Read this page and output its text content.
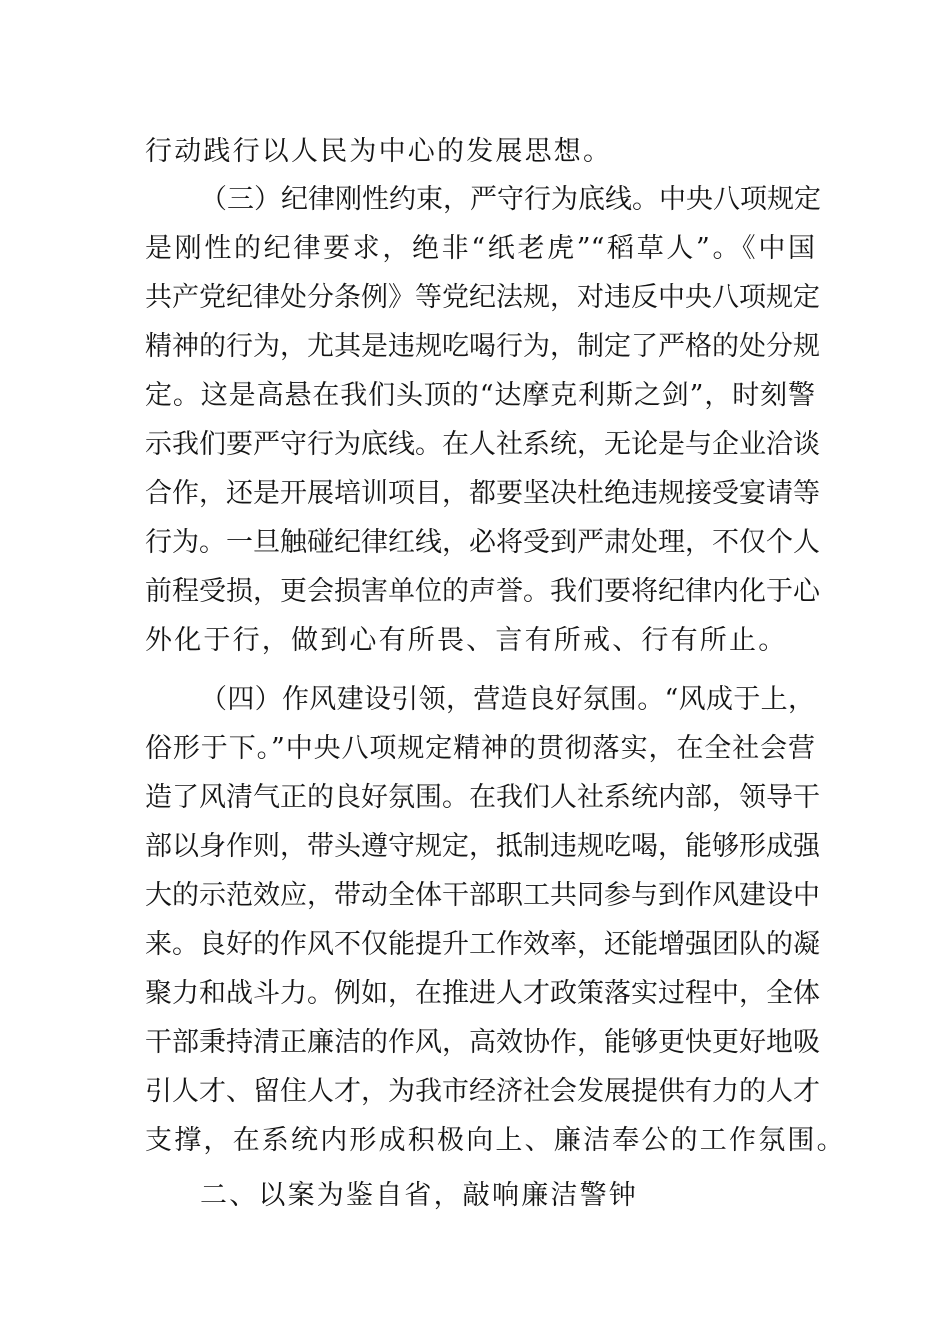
行动践行以人民为中心的发展思想。
（三）纪律刚性约束，严守行为底线。中央八项规定
是刚性的纪律要求，绝非“纸老虎”“稻草人”。《中国
共产党纪律处分条例》等党纪法规，对违反中央八项规定
精神的行为，尤其是违规吃喝行为，制定了严格的处分规
定。这是高悬在我们头顶的“达摩克利斯之剑”，时刻警
示我们要严守行为底线。在人社系统，无论是与企业洽谈
合作，还是开展培训项目，都要坚决杜绝违规接受宴请等
行为。一旦触碰纪律红线，必将受到严肃处理，不仅个人
前程受损，更会损害单位的声誉。我们要将纪律内化于心
外化于行，做到心有所畏、言有所戒、行有所止。
（四）作风建设引领，营造良好氛围。“风成于上，
俗形于下。”中央八项规定精神的贯彻落实，在全社会营
造了风清气正的良好氛围。在我们人社系统内部，领导干
部以身作则，带头遵守规定，抵制违规吃喝，能够形成强
大的示范效应，带动全体干部职工共同参与到作风建设中
来。良好的作风不仅能提升工作效率，还能增强团队的凝
聚力和战斗力。例如，在推进人才政策落实过程中，全体
干部秉持清正廉洁的作风，高效协作，能够更快更好地吸
引人才、留住人才，为我市经济社会发展提供有力的人才
支撑，在系统内形成积极向上、廉洁奉公的工作氛围。
二、以案为鉴自省，敲响廉洁警钟
